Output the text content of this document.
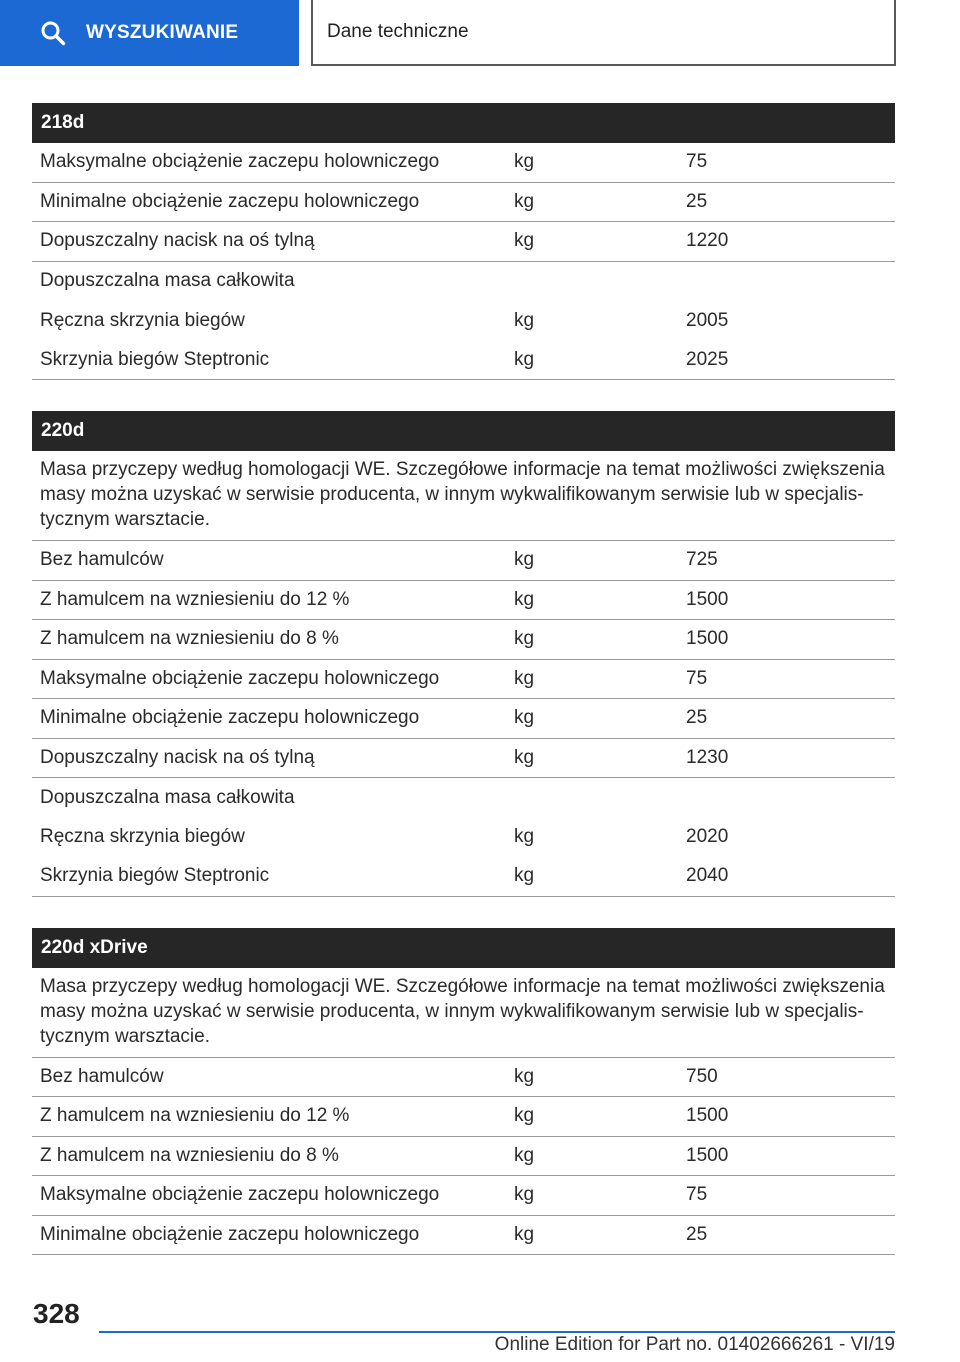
WYSZUKIWANIE	Dane techniczne
218d
Maksymalne obciążenie zaczepu holowniczego	kg	75
Minimalne obciążenie zaczepu holowniczego	kg	25
Dopuszczalny nacisk na oś tylną	kg	1220
Dopuszczalna masa całkowita
Ręczna skrzynia biegów	kg	2005
Skrzynia biegów Steptronic	kg	2025
220d
Masa przyczepy według homologacji WE. Szczegółowe informacje na temat możliwości zwiększenia masy można uzyskać w serwisie producenta, w innym wykwalifikowanym serwisie lub w specjalis- tycznym warsztacie.
Bez hamulców	kg	725
Z hamulcem na wzniesieniu do 12 %	kg	1500
Z hamulcem na wzniesieniu do 8 %	kg	1500
Maksymalne obciążenie zaczepu holowniczego	kg	75
Minimalne obciążenie zaczepu holowniczego	kg	25
Dopuszczalny nacisk na oś tylną	kg	1230
Dopuszczalna masa całkowita
Ręczna skrzynia biegów	kg	2020
Skrzynia biegów Steptronic	kg	2040
220d xDrive
Masa przyczepy według homologacji WE. Szczegółowe informacje na temat możliwości zwiększenia masy można uzyskać w serwisie producenta, w innym wykwalifikowanym serwisie lub w specjalis- tycznym warsztacie.
Bez hamulców	kg	750
Z hamulcem na wzniesieniu do 12 %	kg	1500
Z hamulcem na wzniesieniu do 8 %	kg	1500
Maksymalne obciążenie zaczepu holowniczego	kg	75
Minimalne obciążenie zaczepu holowniczego	kg	25
328
Online Edition for Part no. 01402666261 - VI/19
